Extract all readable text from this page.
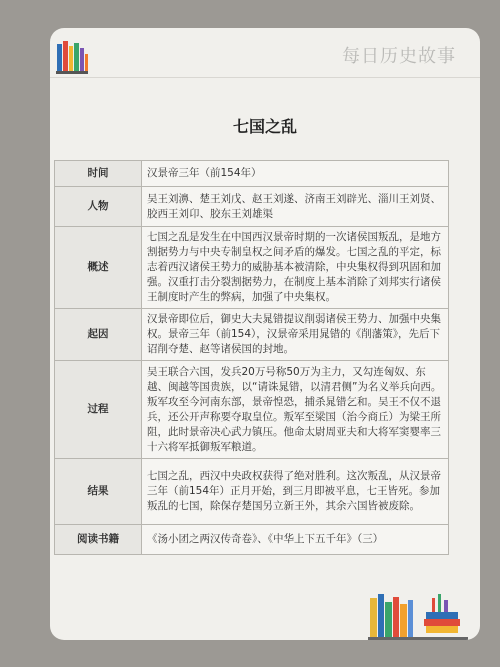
每日历史故事
七国之乱
时间	汉景帝三年（前154年）
人物	吴王刘濞、楚王刘戊、赵王刘遂、济南王刘辟光、淄川王刘贤、胶西王刘卬、胶东王刘雄渠
概述	七国之乱是发生在中国西汉景帝时期的一次诸侯国叛乱，是地方割据势力与中央专制皇权之间矛盾的爆发。七国之乱的平定，标志着西汉诸侯王势力的威胁基本被清除，中央集权得到巩固和加强。汉重打击分裂割据势力，在制度上基本消除了刘邦实行诸侯王制度时产生的弊病，加强了中央集权。
起因	汉景帝即位后，御史大夫晁错提议削弱诸侯王势力、加强中央集权。景帝三年（前154），汉景帝采用晁错的《削藩策》，先后下诏削夺楚、赵等诸侯国的封地。
过程	吴王联合六国，发兵20万号称50万为主力，又勾连匈奴、东越、闽越等国贵族，以“请诛晁错，以清君侧”为名义举兵向西。叛军攻至今河南东部，景帝惶恐，捕杀晁错乞和。吴王不仅不退兵，还公开声称要夺取皇位。叛军至梁国（治今商丘）为梁王所阻，此时景帝决心武力镇压。他命太尉周亚夫和大将军窦婴率三十六将军抵御叛军粮道。
结果	七国之乱，西汉中央政权获得了绝对胜利。这次叛乱，从汉景帝三年（前154年）正月开始，到三月即被平息，七王皆死。参加叛乱的七国，除保存楚国另立新王外，其余六国皆被废除。
阅读书籍	《汤小团之两汉传奇卷》、《中华上下五千年》（三）
